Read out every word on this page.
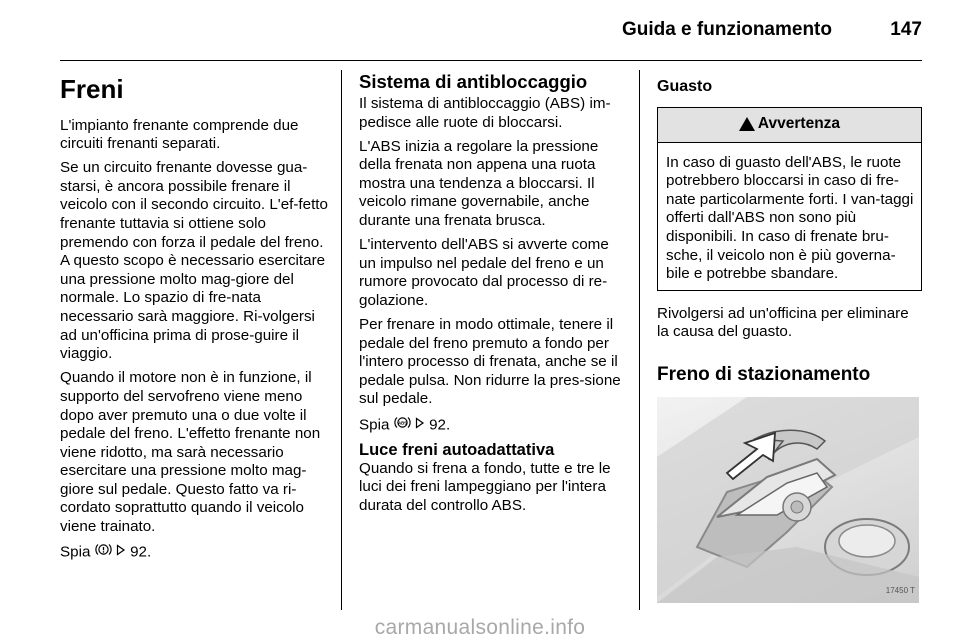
Guida e funzionamento	147
Freni

L'impianto frenante comprende due circuiti frenanti separati.

Se un circuito frenante dovesse gua-starsi, è ancora possibile frenare il veicolo con il secondo circuito. L'ef-fetto frenante tuttavia si ottiene solo premendo con forza il pedale del freno. A questo scopo è necessario esercitare una pressione molto mag-giore del normale. Lo spazio di fre-nata necessario sarà maggiore. Ri-volgersi ad un'officina prima di prose-guire il viaggio.

Quando il motore non è in funzione, il supporto del servofreno viene meno dopo aver premuto una o due volte il pedale del freno. L'effetto frenante non viene ridotto, ma sarà necessario esercitare una pressione molto mag-giore sul pedale. Questo fatto va ri-cordato soprattutto quando il veicolo viene trainato.

Spia	92.

Sistema di antibloccaggio

Il sistema di antibloccaggio (ABS) im-pedisce alle ruote di bloccarsi.

L'ABS inizia a regolare la pressione della frenata non appena una ruota mostra una tendenza a bloccarsi. Il veicolo rimane governabile, anche durante una frenata brusca.

L'intervento dell'ABS si avverte come un impulso nel pedale del freno e un rumore provocato dal processo di re-golazione.

Per frenare in modo ottimale, tenere il pedale del freno premuto a fondo per l'intero processo di frenata, anche se il pedale pulsa. Non ridurre la pres-sione sul pedale.

Spia ABS 92.

Luce freni autoadattativa

Quando si frena a fondo, tutte e tre le luci dei freni lampeggiano per l'intera durata del controllo ABS.

Guasto
Avvertenza
In caso di guasto dell'ABS, le ruote potrebbero bloccarsi in caso di fre-nate particolarmente forti. I van-taggi offerti dall'ABS non sono più disponibili. In caso di frenate bru-sche, il veicolo non è più governa-bile e potrebbe sbandare.

Rivolgersi ad un'officina per eliminare la causa del guasto.

Freno di stazionamento
17450 T
carmanualsonline.info
